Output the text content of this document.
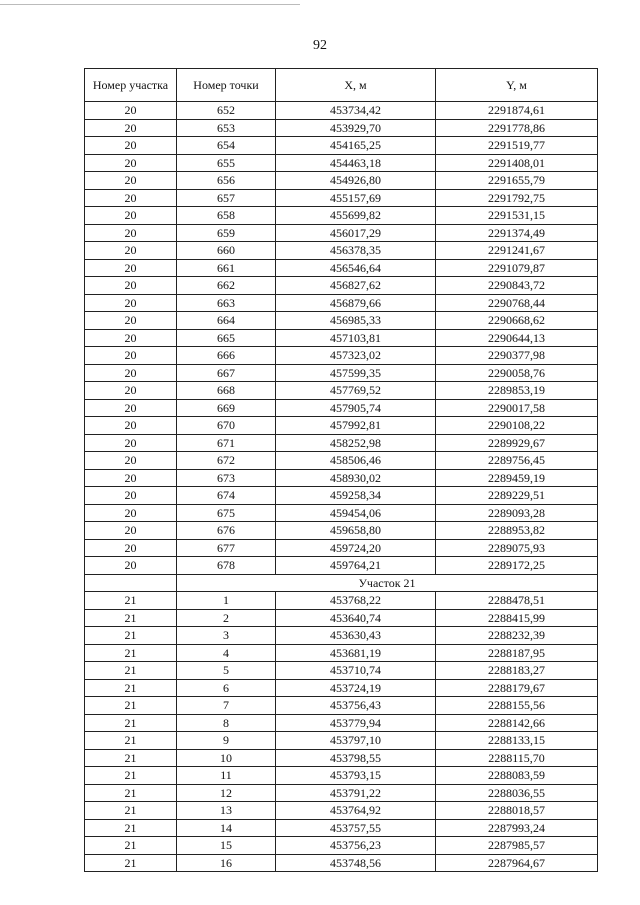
92
Номер участка	Номер точки	X, м	Y, м
20	652	453734,42	2291874,61
20	653	453929,70	2291778,86
20	654	454165,25	2291519,77
20	655	454463,18	2291408,01
20	656	454926,80	2291655,79
20	657	455157,69	2291792,75
20	658	455699,82	2291531,15
20	659	456017,29	2291374,49
20	660	456378,35	2291241,67
20	661	456546,64	2291079,87
20	662	456827,62	2290843,72
20	663	456879,66	2290768,44
20	664	456985,33	2290668,62
20	665	457103,81	2290644,13
20	666	457323,02	2290377,98
20	667	457599,35	2290058,76
20	668	457769,52	2289853,19
20	669	457905,74	2290017,58
20	670	457992,81	2290108,22
20	671	458252,98	2289929,67
20	672	458506,46	2289756,45
20	673	458930,02	2289459,19
20	674	459258,34	2289229,51
20	675	459454,06	2289093,28
20	676	459658,80	2288953,82
20	677	459724,20	2289075,93
20	678	459764,21	2289172,25
	Участок 21		
21	1	453768,22	2288478,51
21	2	453640,74	2288415,99
21	3	453630,43	2288232,39
21	4	453681,19	2288187,95
21	5	453710,74	2288183,27
21	6	453724,19	2288179,67
21	7	453756,43	2288155,56
21	8	453779,94	2288142,66
21	9	453797,10	2288133,15
21	10	453798,55	2288115,70
21	11	453793,15	2288083,59
21	12	453791,22	2288036,55
21	13	453764,92	2288018,57
21	14	453757,55	2287993,24
21	15	453756,23	2287985,57
21	16	453748,56	2287964,67
